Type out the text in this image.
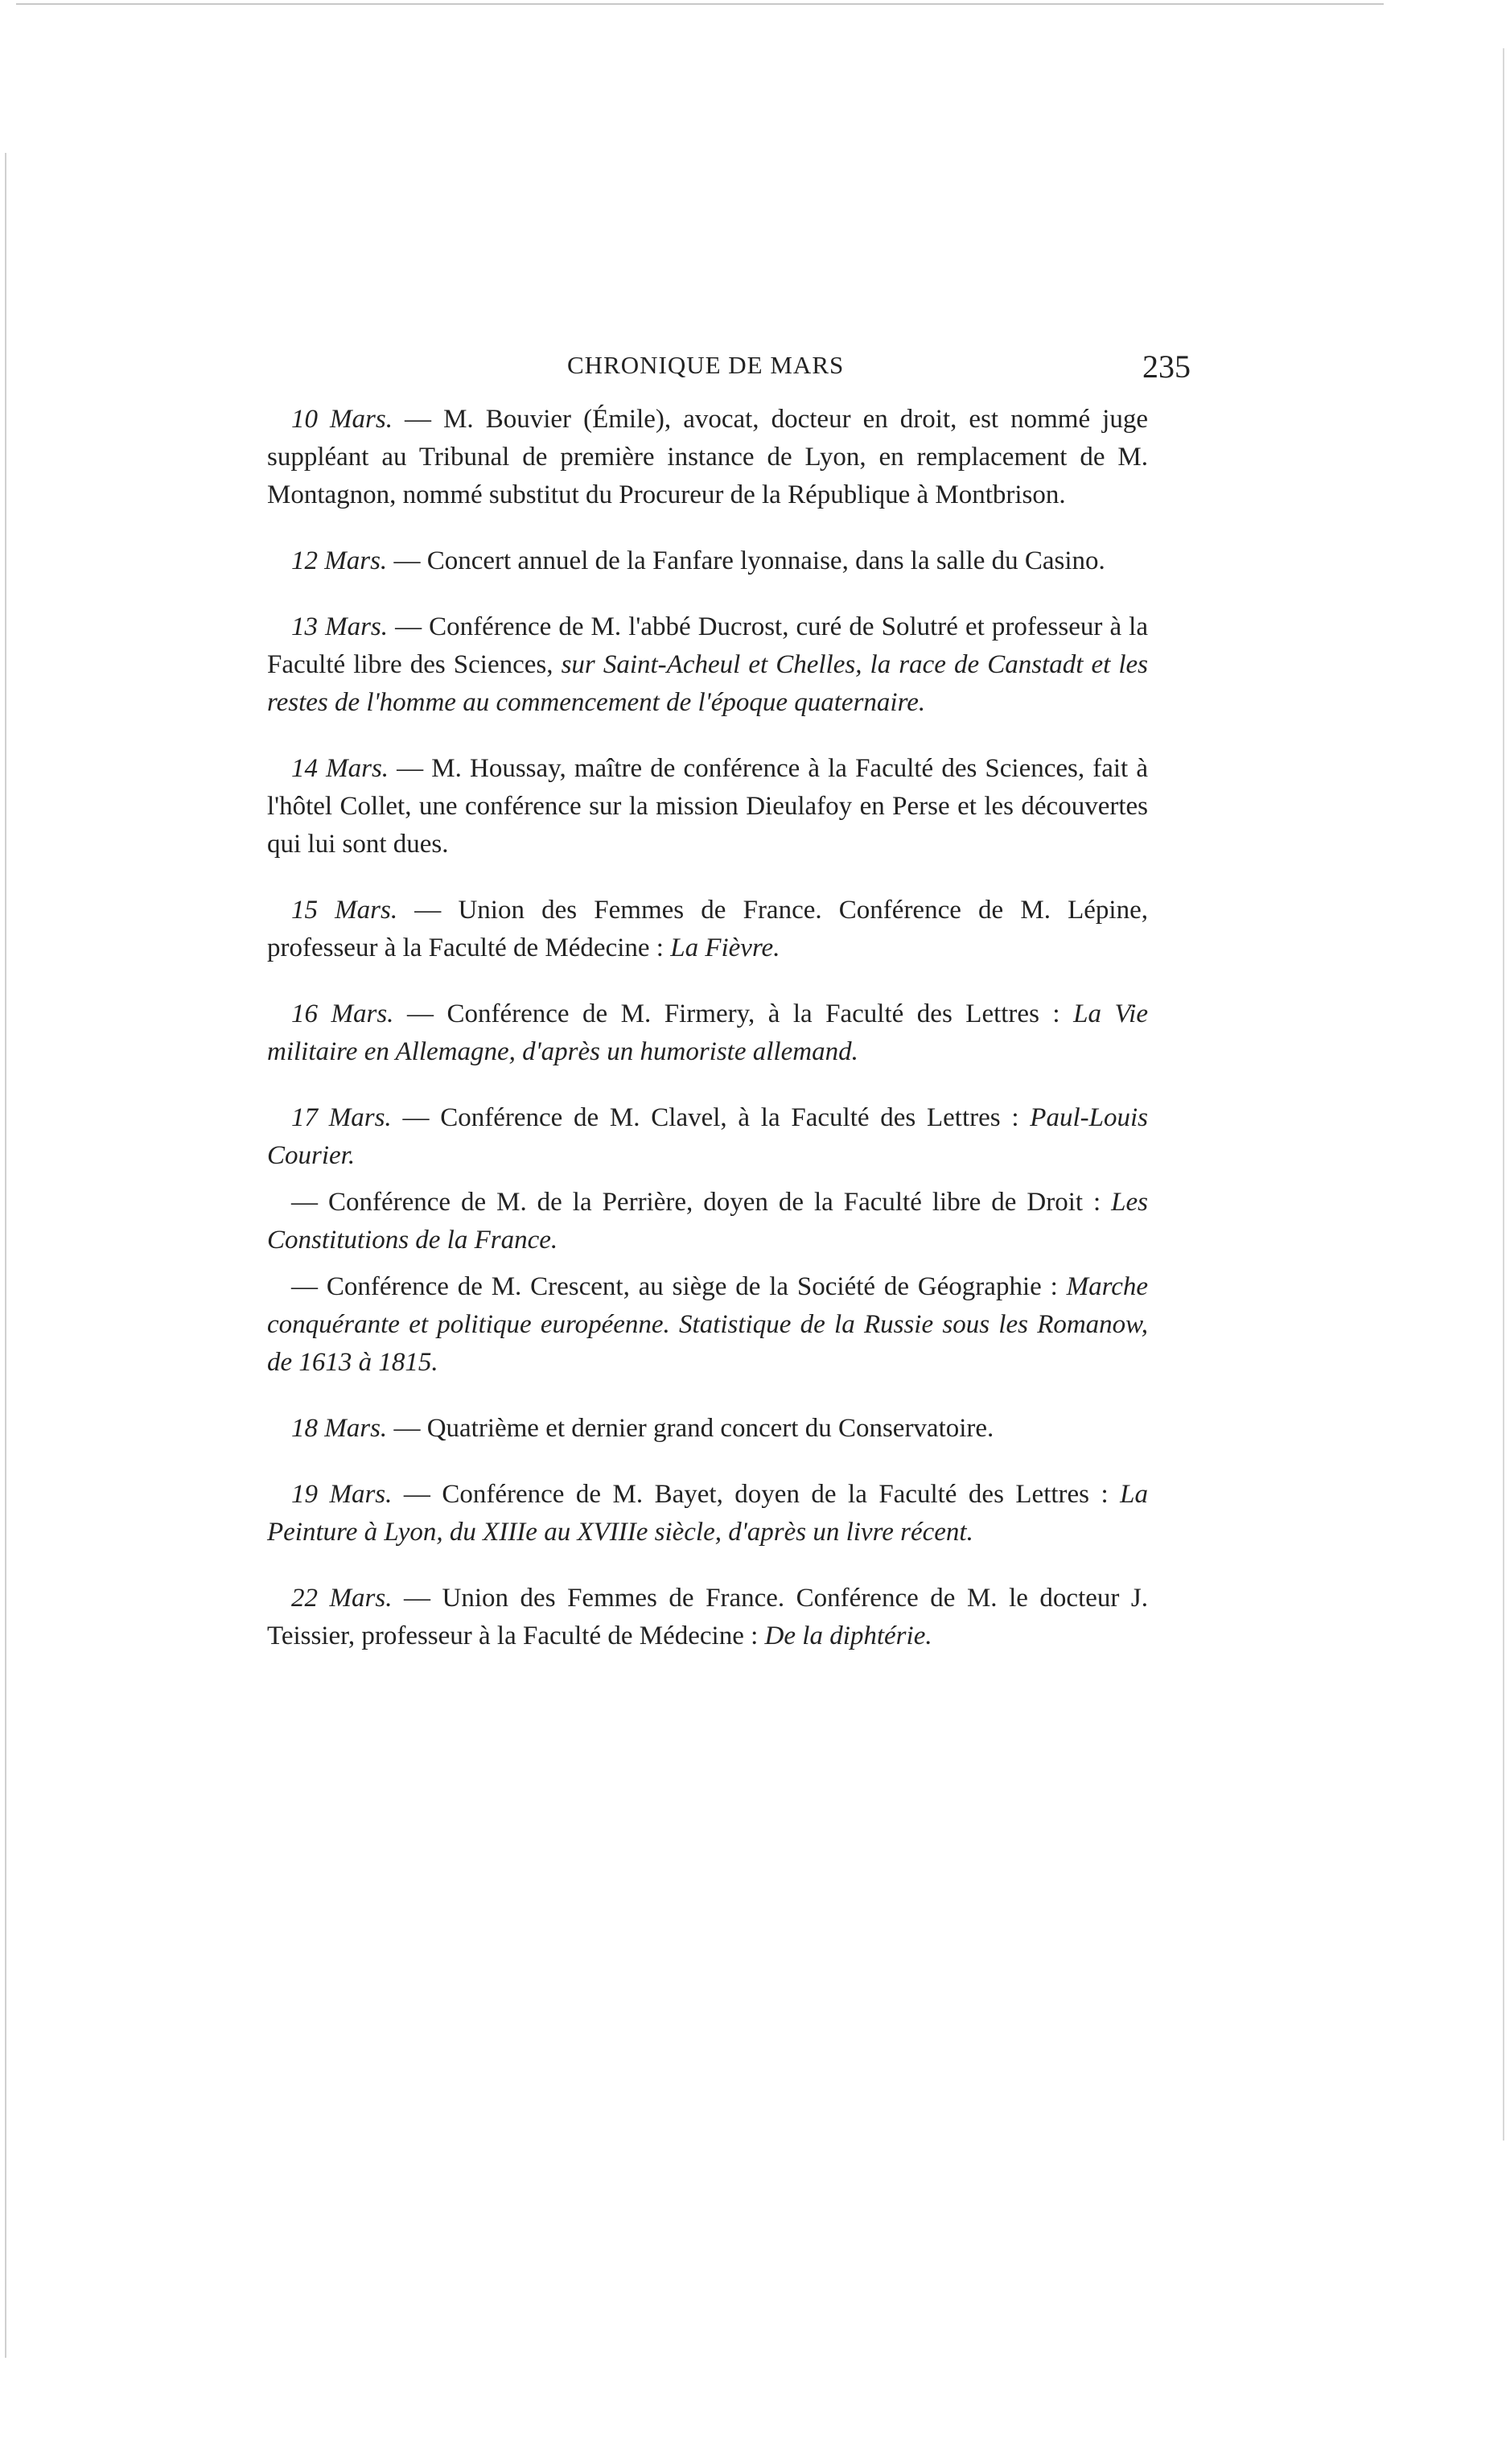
CHRONIQUE DE MARS	235

10 Mars. — M. Bouvier (Émile), avocat, docteur en droit, est nommé juge suppléant au Tribunal de première instance de Lyon, en remplacement de M. Montagnon, nommé substitut du Procureur de la République à Montbrison.

12 Mars. — Concert annuel de la Fanfare lyonnaise, dans la salle du Casino.

13 Mars. — Conférence de M. l'abbé Ducrost, curé de Solutré et professeur à la Faculté libre des Sciences, sur Saint-Acheul et Chelles, la race de Canstadt et les restes de l'homme au commencement de l'époque quaternaire.

14 Mars. — M. Houssay, maître de conférence à la Faculté des Sciences, fait à l'hôtel Collet, une conférence sur la mission Dieulafoy en Perse et les découvertes qui lui sont dues.

15 Mars. — Union des Femmes de France. Conférence de M. Lépine, professeur à la Faculté de Médecine : La Fièvre.

16 Mars. — Conférence de M. Firmery, à la Faculté des Lettres : La Vie militaire en Allemagne, d'après un humoriste allemand.

17 Mars. — Conférence de M. Clavel, à la Faculté des Lettres : Paul-Louis Courier.

— Conférence de M. de la Perrière, doyen de la Faculté libre de Droit : Les Constitutions de la France.

— Conférence de M. Crescent, au siège de la Société de Géographie : Marche conquérante et politique européenne. Statistique de la Russie sous les Romanow, de 1613 à 1815.

18 Mars. — Quatrième et dernier grand concert du Conservatoire.

19 Mars. — Conférence de M. Bayet, doyen de la Faculté des Lettres : La Peinture à Lyon, du XIIIe au XVIIIe siècle, d'après un livre récent.

22 Mars. — Union des Femmes de France. Conférence de M. le docteur J. Teissier, professeur à la Faculté de Médecine : De la diphtérie.
